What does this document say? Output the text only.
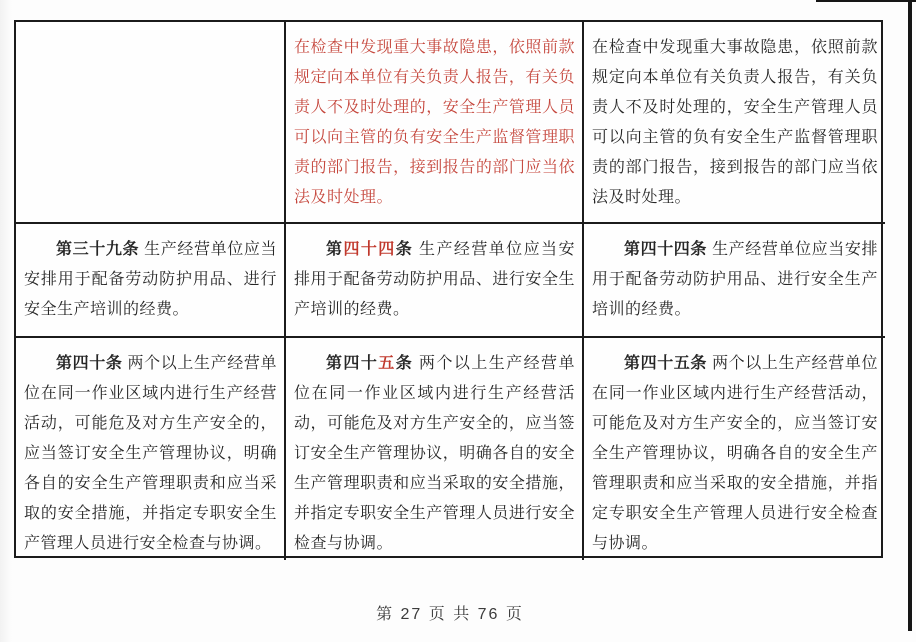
在检查中发现重大事故隐患，依照前款规定向本单位有关负责人报告，有关负责人不及时处理的，安全生产管理人员可以向主管的负有安全生产监督管理职责的部门报告，接到报告的部门应当依法及时处理。

在检查中发现重大事故隐患，依照前款规定向本单位有关负责人报告，有关负责人不及时处理的，安全生产管理人员可以向主管的负有安全生产监督管理职责的部门报告，接到报告的部门应当依法及时处理。

第三十九条 生产经营单位应当安排用于配备劳动防护用品、进行安全生产培训的经费。

第四十四条 生产经营单位应当安排用于配备劳动防护用品、进行安全生产培训的经费。

第四十四条 生产经营单位应当安排用于配备劳动防护用品、进行安全生产培训的经费。

第四十条 两个以上生产经营单位在同一作业区域内进行生产经营活动，可能危及对方生产安全的，应当签订安全生产管理协议，明确各自的安全生产管理职责和应当采取的安全措施，并指定专职安全生产管理人员进行安全检查与协调。

第四十五条 两个以上生产经营单位在同一作业区域内进行生产经营活动，可能危及对方生产安全的，应当签订安全生产管理协议，明确各自的安全生产管理职责和应当采取的安全措施，并指定专职安全生产管理人员进行安全检查与协调。

第四十五条 两个以上生产经营单位在同一作业区域内进行生产经营活动，可能危及对方生产安全的，应当签订安全生产管理协议，明确各自的安全生产管理职责和应当采取的安全措施，并指定专职安全生产管理人员进行安全检查与协调。

第 27 页 共 76 页
